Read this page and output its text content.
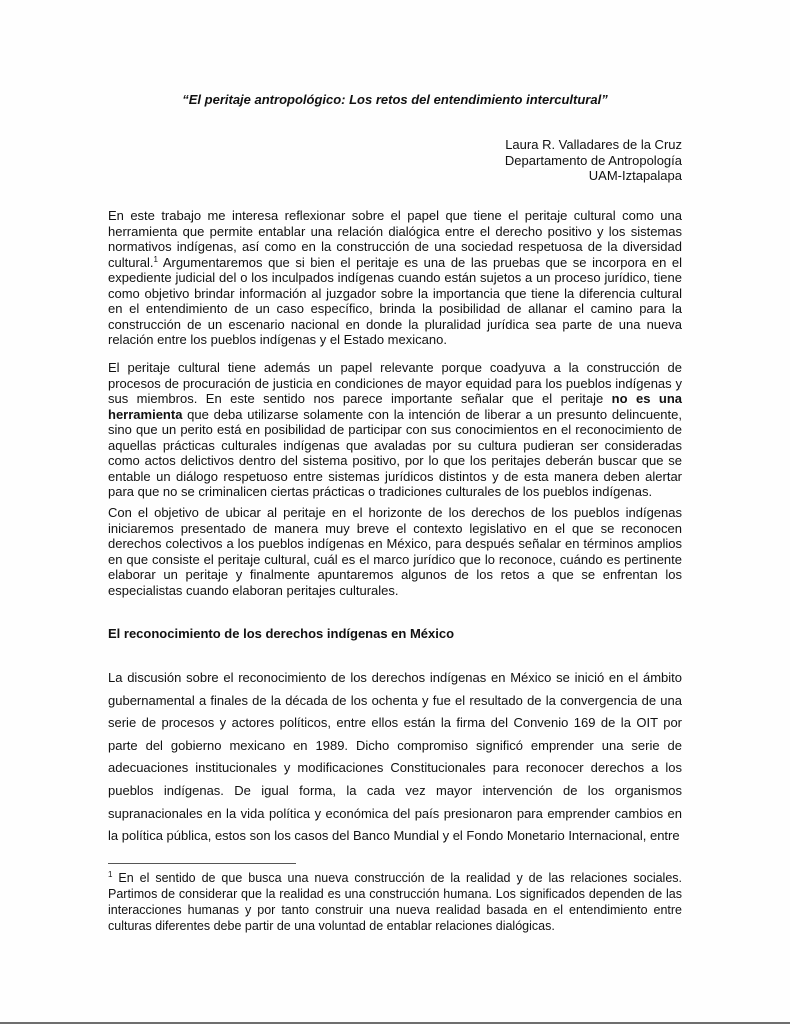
“El peritaje antropológico: Los retos del entendimiento intercultural”
Laura R. Valladares de la Cruz
Departamento de Antropología
UAM-Iztapalapa

En este trabajo me interesa reflexionar sobre el papel que tiene el peritaje cultural como una herramienta que permite entablar una relación dialógica entre el derecho positivo y los sistemas normativos indígenas, así como en la construcción de una sociedad respetuosa de la diversidad cultural.$^1$ Argumentaremos que si bien el peritaje es una de las pruebas que se incorpora en el expediente judicial del o los inculpados indígenas cuando están sujetos a un proceso jurídico, tiene como objetivo brindar información al juzgador sobre la importancia que tiene la diferencia cultural en el entendimiento de un caso específico, brinda la posibilidad de allanar el camino para la construcción de un escenario nacional en donde la pluralidad jurídica sea parte de una nueva relación entre los pueblos indígenas y el Estado mexicano.

El peritaje cultural tiene además un papel relevante porque coadyuva a la construcción de procesos de procuración de justicia en condiciones de mayor equidad para los pueblos indígenas y sus miembros. En este sentido nos parece importante señalar que el peritaje no es una herramienta que deba utilizarse solamente con la intención de liberar a un presunto delincuente, sino que un perito está en posibilidad de participar con sus conocimientos en el reconocimiento de aquellas prácticas culturales indígenas que avaladas por su cultura pudieran ser consideradas como actos delictivos dentro del sistema positivo, por lo que los peritajes deberán buscar que se entable un diálogo respetuoso entre sistemas jurídicos distintos y de esta manera deben alertar para que no se criminalicen ciertas prácticas o tradiciones culturales de los pueblos indígenas.

Con el objetivo de ubicar al peritaje en el horizonte de los derechos de los pueblos indígenas iniciaremos presentado de manera muy breve el contexto legislativo en el que se reconocen derechos colectivos a los pueblos indígenas en México, para después señalar en términos amplios en que consiste el peritaje cultural, cuál es el marco jurídico que lo reconoce, cuándo es pertinente elaborar un peritaje y finalmente apuntaremos algunos de los retos a que se enfrentan los especialistas cuando elaboran peritajes culturales.

El reconocimiento de los derechos indígenas en México

La discusión sobre el reconocimiento de los derechos indígenas en México se inició en el ámbito gubernamental a finales de la década de los ochenta y fue el resultado de la convergencia de una serie de procesos y actores políticos, entre ellos están la firma del Convenio 169 de la OIT por parte del gobierno mexicano en 1989. Dicho compromiso significó emprender una serie de adecuaciones institucionales y modificaciones Constitucionales para reconocer derechos a los pueblos indígenas. De igual forma, la cada vez mayor intervención de los organismos supranacionales en la vida política y económica del país presionaron para emprender cambios en la política pública, estos son los casos del Banco Mundial y el Fondo Monetario Internacional, entre

$^1$ En el sentido de que busca una nueva construcción de la realidad y de las relaciones sociales. Partimos de considerar que la realidad es una construcción humana. Los significados dependen de las interacciones humanas y por tanto construir una nueva realidad basada en el entendimiento entre culturas diferentes debe partir de una voluntad de entablar relaciones dialógicas.
